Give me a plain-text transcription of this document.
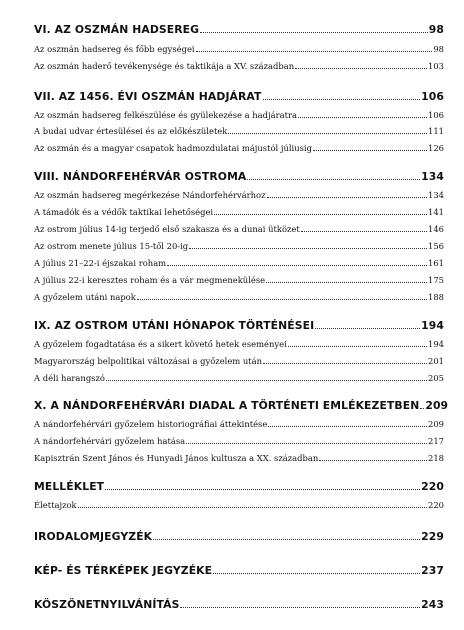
VI. AZ OSZMÁN HADSEREG	98
Az oszmán hadsereg és főbb egységei	98
Az oszmán haderő tevékenysége és taktikája a XV. században	103
VII. AZ 1456. ÉVI OSZMÁN HADJÁRAT	106
Az oszmán hadsereg felkészülése és gyülekezése a hadjáratra	106
A budai udvar értesülései és az előkészületek	111
Az oszmán és a magyar csapatok hadmozdulatai májustól júliusig	126
VIII. NÁNDORFEHÉRVÁR OSTROMA	134
Az oszmán hadsereg megérkezése Nándorfehérvárhoz	134
A támadók és a védők taktikai lehetőségei	141
Az ostrom július 14-ig terjedő első szakasza és a dunai ütközet	146
Az ostrom menete július 15-től 20-ig	156
A július 21–22-i éjszakai roham	161
A július 22-i keresztes roham és a vár megmenekülése	175
A győzelem utáni napok	188
IX. AZ OSTROM UTÁNI HÓNAPOK TÖRTÉNÉSEI	194
A győzelem fogadtatása és a sikert követő hetek eseményei	194
Magyarország belpolitikai változásai a győzelem után	201
A déli harangszó	205
X. A NÁNDORFEHÉRVÁRI DIADAL A TÖRTÉNETI EMLÉKEZETBEN 209
A nándorfehérvári győzelem historiográfiai áttekintése	209
A nándorfehérvári győzelem hatása	217
Kapisztrán Szent János és Hunyadi János kultusza a XX. században	218
MELLÉKLET	220
Élettajzok	220
IRODALOMJEGYZÉK	229
KÉP- ÉS TÉRKÉPEK JEGYZÉKE	237
KÖSZÖNETNYILVÁNÍTÁS	243
